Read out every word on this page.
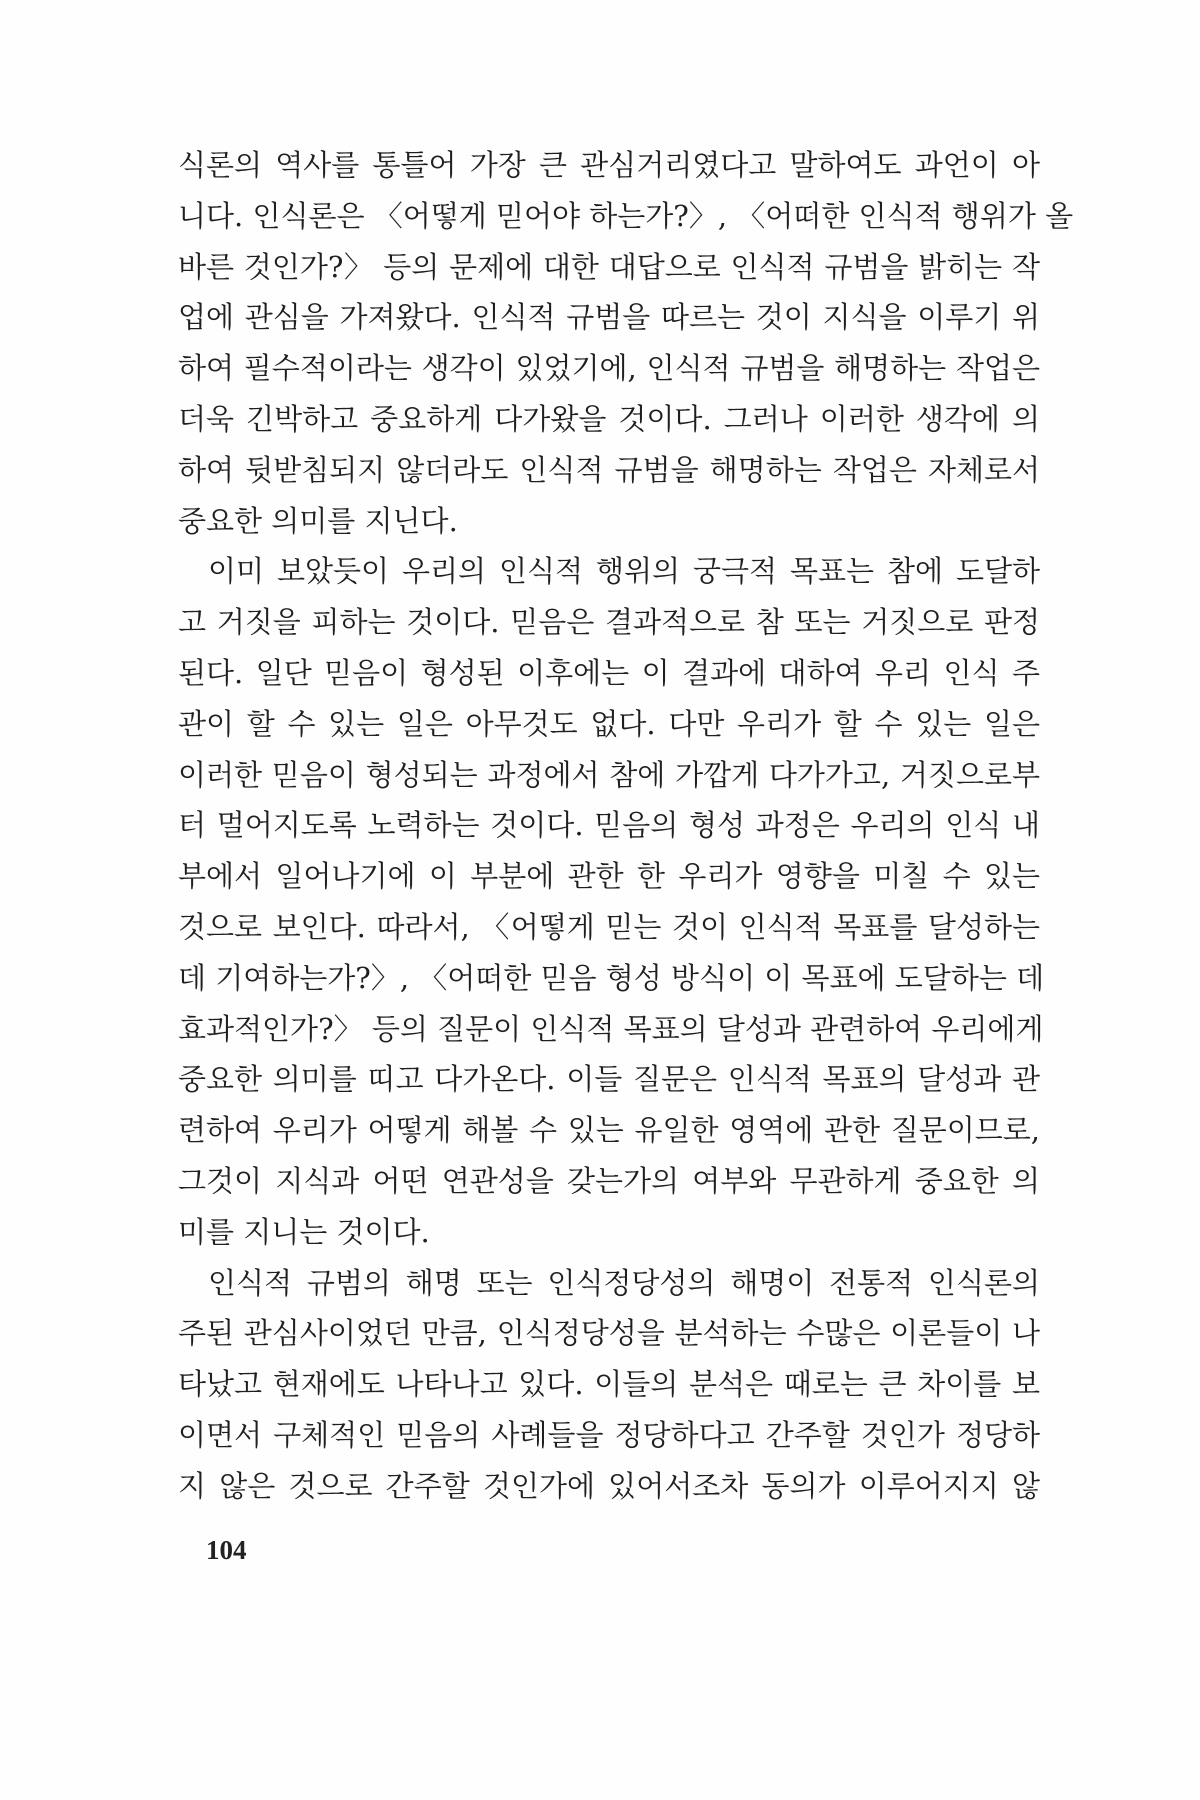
식론의 역사를 통틀어 가장 큰 관심거리였다고 말하여도 과언이 아
니다. 인식론은 〈어떻게 믿어야 하는가?〉, 〈어떠한 인식적 행위가 올
바른 것인가?〉 등의 문제에 대한 대답으로 인식적 규범을 밝히는 작
업에 관심을 가져왔다. 인식적 규범을 따르는 것이 지식을 이루기 위
하여 필수적이라는 생각이 있었기에, 인식적 규범을 해명하는 작업은
더욱 긴박하고 중요하게 다가왔을 것이다. 그러나 이러한 생각에 의
하여 뒷받침되지 않더라도 인식적 규범을 해명하는 작업은 자체로서
중요한 의미를 지닌다.
이미 보았듯이 우리의 인식적 행위의 궁극적 목표는 참에 도달하
고 거짓을 피하는 것이다. 믿음은 결과적으로 참 또는 거짓으로 판정
된다. 일단 믿음이 형성된 이후에는 이 결과에 대하여 우리 인식 주
관이 할 수 있는 일은 아무것도 없다. 다만 우리가 할 수 있는 일은
이러한 믿음이 형성되는 과정에서 참에 가깝게 다가가고, 거짓으로부
터 멀어지도록 노력하는 것이다. 믿음의 형성 과정은 우리의 인식 내
부에서 일어나기에 이 부분에 관한 한 우리가 영향을 미칠 수 있는
것으로 보인다. 따라서, 〈어떻게 믿는 것이 인식적 목표를 달성하는
데 기여하는가?〉, 〈어떠한 믿음 형성 방식이 이 목표에 도달하는 데
효과적인가?〉 등의 질문이 인식적 목표의 달성과 관련하여 우리에게
중요한 의미를 띠고 다가온다. 이들 질문은 인식적 목표의 달성과 관
련하여 우리가 어떻게 해볼 수 있는 유일한 영역에 관한 질문이므로,
그것이 지식과 어떤 연관성을 갖는가의 여부와 무관하게 중요한 의
미를 지니는 것이다.
인식적 규범의 해명 또는 인식정당성의 해명이 전통적 인식론의
주된 관심사이었던 만큼, 인식정당성을 분석하는 수많은 이론들이 나
타났고 현재에도 나타나고 있다. 이들의 분석은 때로는 큰 차이를 보
이면서 구체적인 믿음의 사례들을 정당하다고 간주할 것인가 정당하
지 않은 것으로 간주할 것인가에 있어서조차 동의가 이루어지지 않
104
